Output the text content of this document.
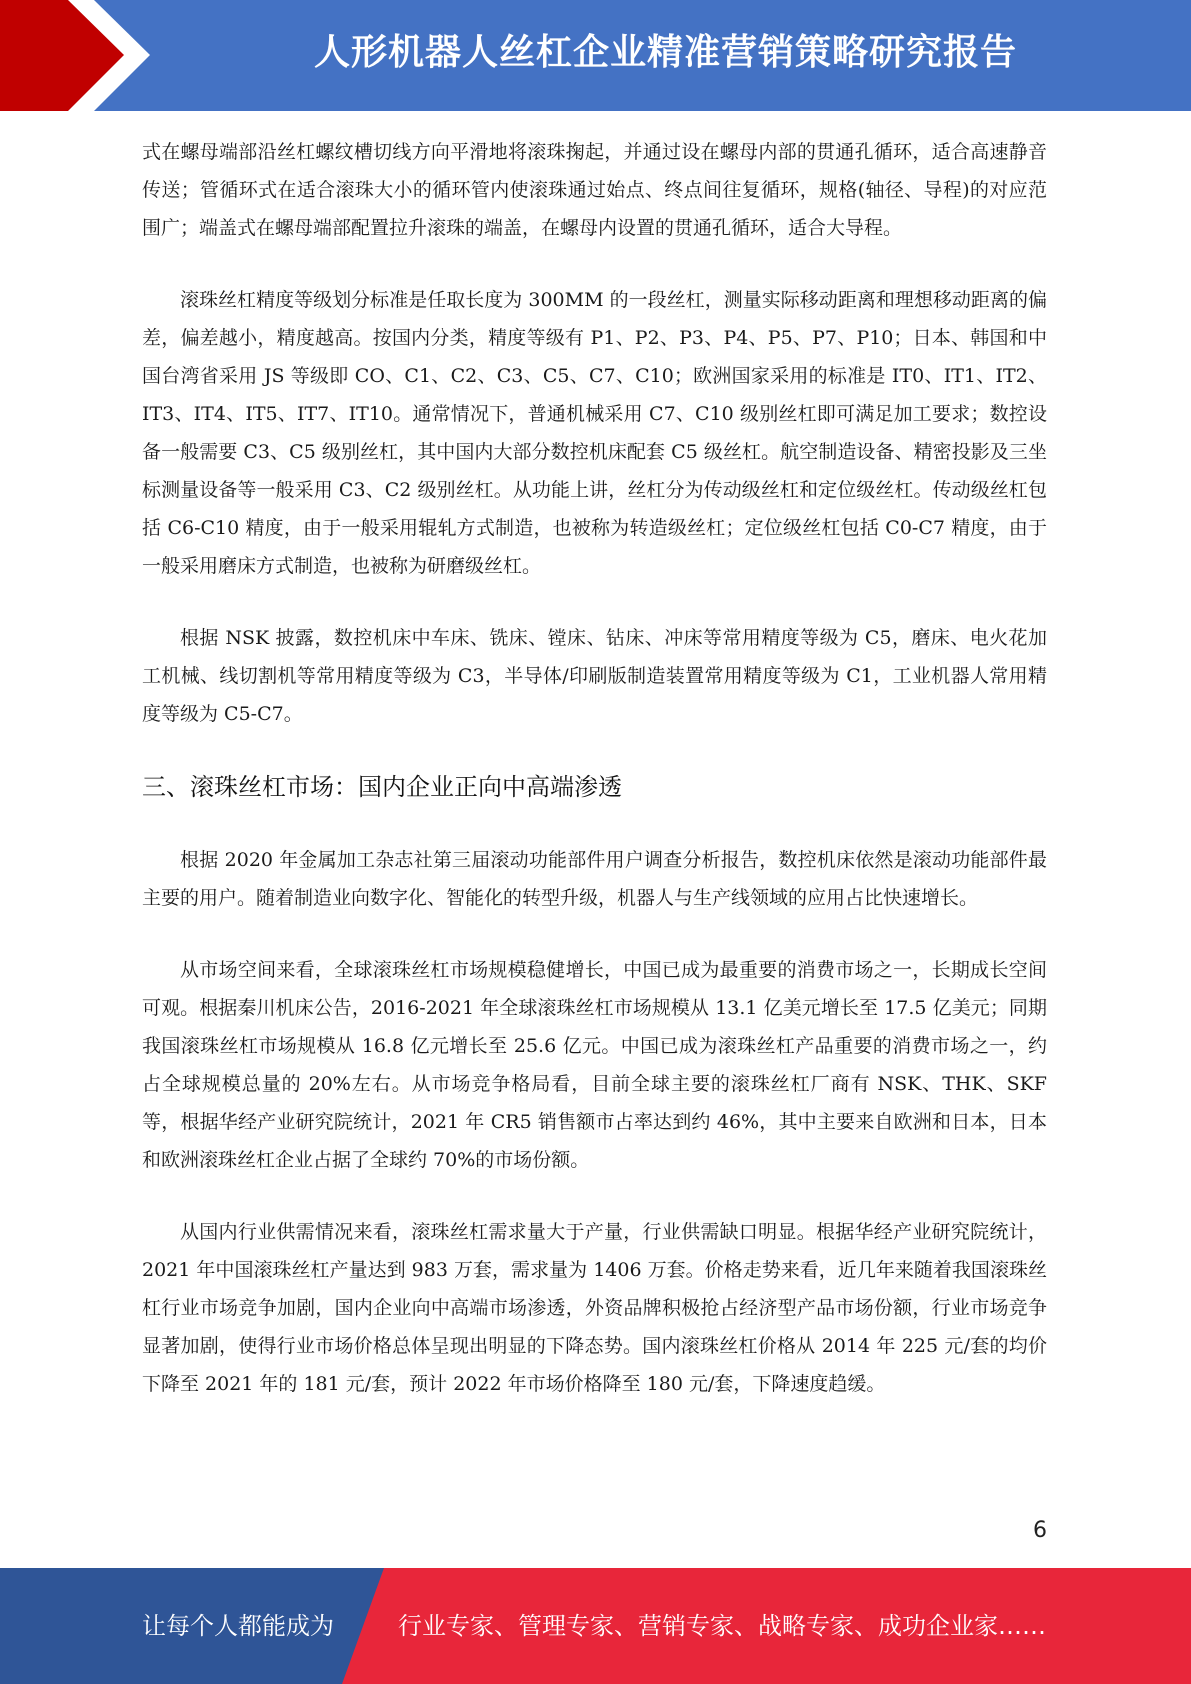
人形机器人丝杠企业精准营销策略研究报告

式在螺母端部沿丝杠螺纹槽切线方向平滑地将滚珠掬起，并通过设在螺母内部的贯通孔循环，适合高速静音传送；管循环式在适合滚珠大小的循环管内使滚珠通过始点、终点间往复循环，规格(轴径、导程)的对应范围广；端盖式在螺母端部配置拉升滚珠的端盖，在螺母内设置的贯通孔循环，适合大导程。

滚珠丝杠精度等级划分标准是任取长度为 300MM 的一段丝杠，测量实际移动距离和理想移动距离的偏差，偏差越小，精度越高。按国内分类，精度等级有 P1、P2、P3、P4、P5、P7、P10；日本、韩国和中国台湾省采用 JS 等级即 CO、C1、C2、C3、C5、C7、C10；欧洲国家采用的标准是 IT0、IT1、IT2、IT3、IT4、IT5、IT7、IT10。通常情况下，普通机械采用 C7、C10 级别丝杠即可满足加工要求；数控设备一般需要 C3、C5 级别丝杠，其中国内大部分数控机床配套 C5 级丝杠。航空制造设备、精密投影及三坐标测量设备等一般采用 C3、C2 级别丝杠。从功能上讲，丝杠分为传动级丝杠和定位级丝杠。传动级丝杠包括 C6-C10 精度，由于一般采用辊轧方式制造，也被称为转造级丝杠；定位级丝杠包括 C0-C7 精度，由于一般采用磨床方式制造，也被称为研磨级丝杠。

根据 NSK 披露，数控机床中车床、铣床、镗床、钻床、冲床等常用精度等级为 C5，磨床、电火花加工机械、线切割机等常用精度等级为 C3，半导体/印刷版制造装置常用精度等级为 C1，工业机器人常用精度等级为 C5-C7。

三、滚珠丝杠市场：国内企业正向中高端渗透

根据 2020 年金属加工杂志社第三届滚动功能部件用户调查分析报告，数控机床依然是滚动功能部件最主要的用户。随着制造业向数字化、智能化的转型升级，机器人与生产线领域的应用占比快速增长。

从市场空间来看，全球滚珠丝杠市场规模稳健增长，中国已成为最重要的消费市场之一，长期成长空间可观。根据秦川机床公告，2016-2021 年全球滚珠丝杠市场规模从 13.1 亿美元增长至 17.5 亿美元；同期我国滚珠丝杠市场规模从 16.8 亿元增长至 25.6 亿元。中国已成为滚珠丝杠产品重要的消费市场之一，约占全球规模总量的 20%左右。从市场竞争格局看，目前全球主要的滚珠丝杠厂商有 NSK、THK、SKF 等，根据华经产业研究院统计，2021 年 CR5 销售额市占率达到约 46%，其中主要来自欧洲和日本，日本和欧洲滚珠丝杠企业占据了全球约 70%的市场份额。

从国内行业供需情况来看，滚珠丝杠需求量大于产量，行业供需缺口明显。根据华经产业研究院统计，2021 年中国滚珠丝杠产量达到 983 万套，需求量为 1406 万套。价格走势来看，近几年来随着我国滚珠丝杠行业市场竞争加剧，国内企业向中高端市场渗透，外资品牌积极抢占经济型产品市场份额，行业市场竞争显著加剧，使得行业市场价格总体呈现出明显的下降态势。国内滚珠丝杠价格从 2014 年 225 元/套的均价下降至 2021 年的 181 元/套，预计 2022 年市场价格降至 180 元/套，下降速度趋缓。

6
让每个人都能成为	行业专家、管理专家、营销专家、战略专家、成功企业家……
